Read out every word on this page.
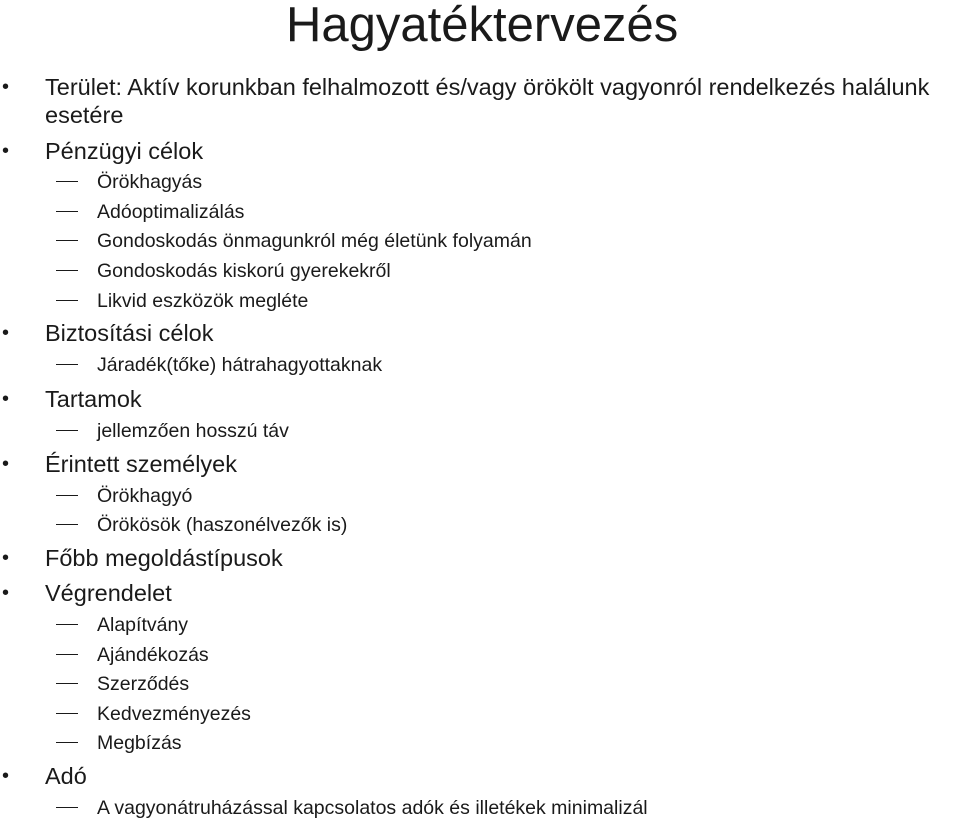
Hagyatéktervezés
• Terület: Aktív korunkban felhalmozott és/vagy örökölt vagyonról rendelkezés halálunk esetére
• Pénzügyi célok
Örökhagyás
Adóoptimalizálás
Gondoskodás önmagunkról még életünk folyamán
Gondoskodás kiskorú gyerekekről
Likvid eszközök megléte
• Biztosítási célok
Járadék(tőke) hátrahagyottaknak
• Tartamok
jellemzően hosszú táv
• Érintett személyek
Örökhagyó
Örökösök (haszonélvezők is)
• Főbb megoldástípusok
• Végrendelet
Alapítvány
Ajándékozás
Szerződés
Kedvezményezés
Megbízás
• Adó
A vagyonátruházással kapcsolatos adók és illetékek minimalizál
